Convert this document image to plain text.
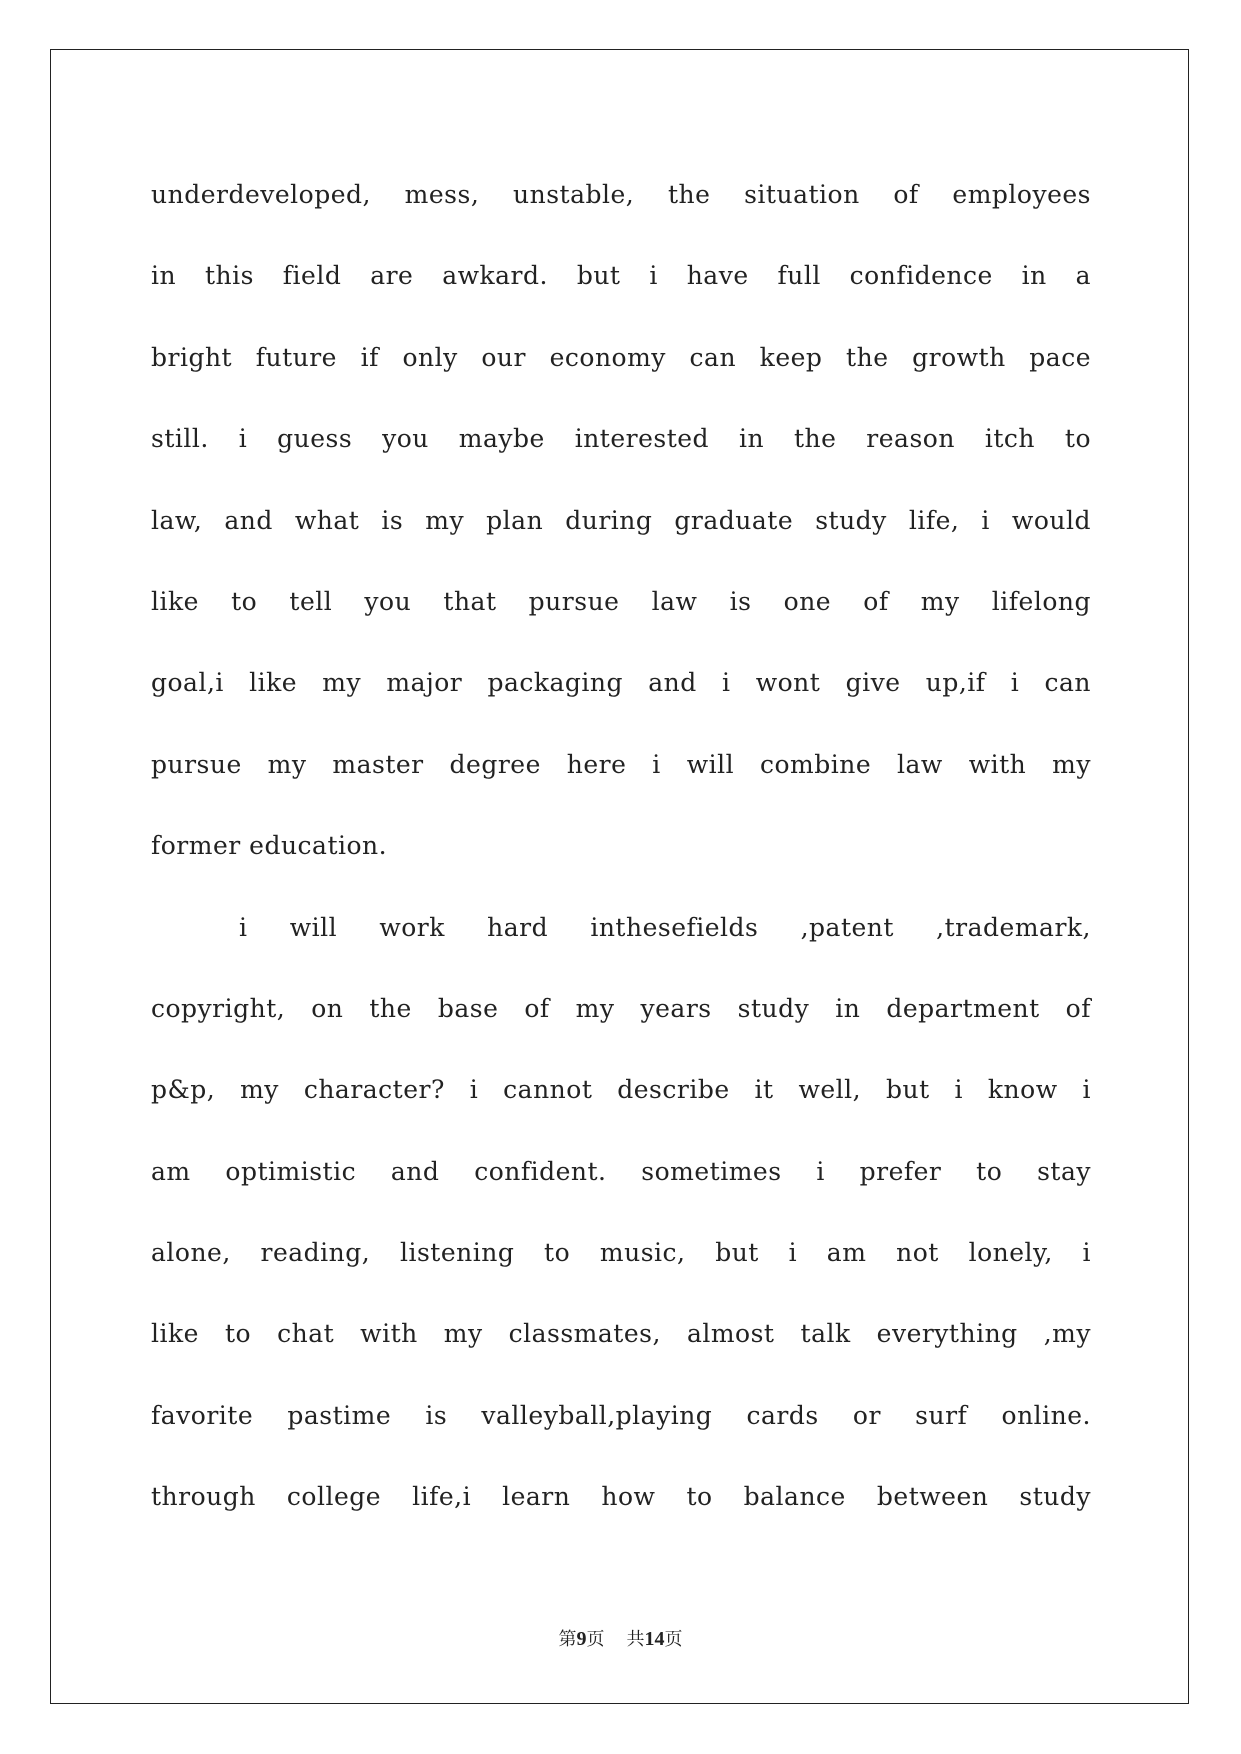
underdeveloped, mess, unstable, the situation of employees
in this field are awkard. but i have full confidence in a
bright future if only our economy can keep the growth pace
still. i guess you maybe interested in the reason itch to
law, and what is my plan during graduate study life, i would
like to tell you that pursue law is one of my lifelong
goal,i like my major packaging and i wont give up,if i can
pursue my master degree here i will combine law with my
former education.
i will work hard inthesefields ,patent ,trademark,
copyright, on the base of my years study in department of
p&p, my character? i cannot describe it well, but i know i
am optimistic and confident. sometimes i prefer to stay
alone, reading, listening to music, but i am not lonely, i
like to chat with my classmates, almost talk everything ,my
favorite pastime is valleyball,playing cards or surf online.
through college life,i learn how to balance between study
第9页 共14页
